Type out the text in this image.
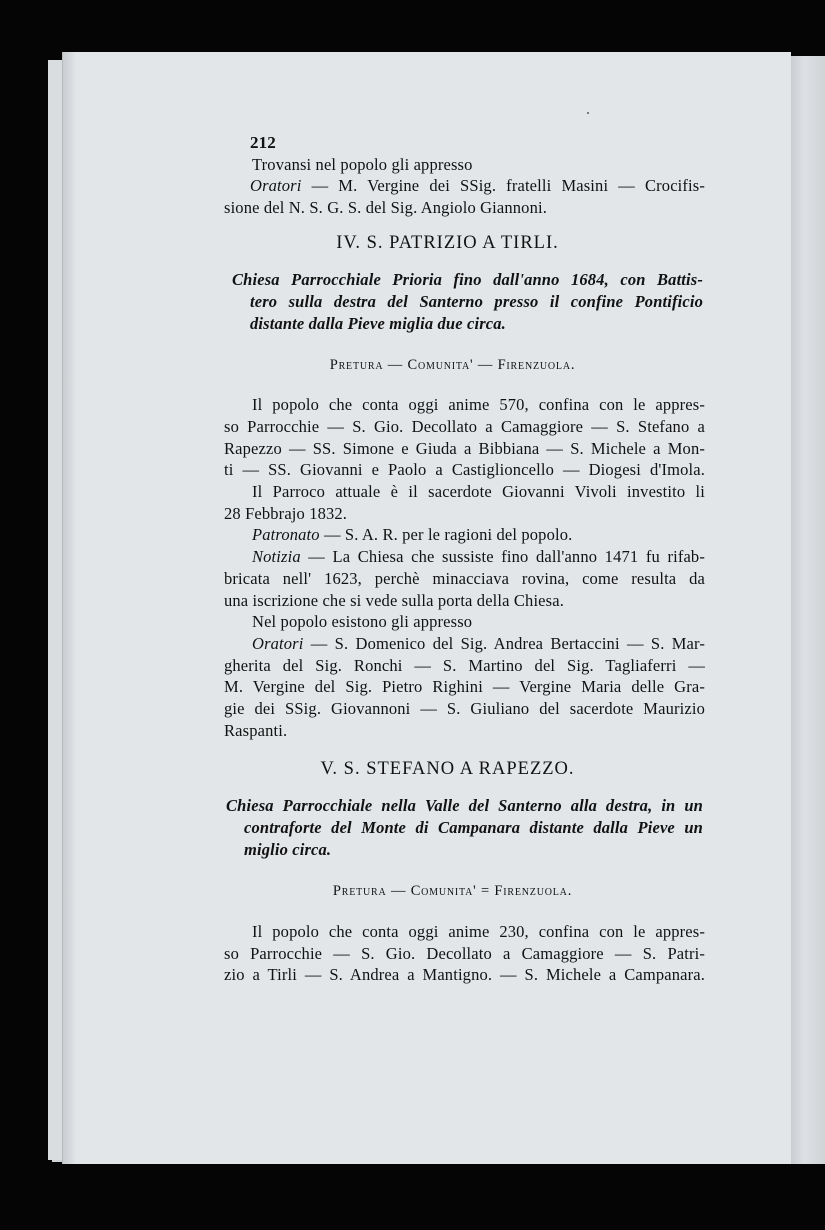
212
Trovansi nel popolo gli appresso
Oratori — M. Vergine dei SSig. fratelli Masini — Crocifis-
sione del N. S. G. S. del Sig. Angiolo Giannoni.
IV. S. PATRIZIO A TIRLI.
Chiesa Parrocchiale Prioria fino dall'anno 1684, con Battis-
tero sulla destra del Santerno presso il confine Pontificio
distante dalla Pieve miglia due circa.
Pretura — Comunita' — Firenzuola.
Il popolo che conta oggi anime 570, confina con le appres-
so Parrocchie — S. Gio. Decollato a Camaggiore — S. Stefano a
Rapezzo — SS. Simone e Giuda a Bibbiana — S. Michele a Mon-
ti — SS. Giovanni e Paolo a Castiglioncello — Diogesi d'Imola.
Il Parroco attuale è il sacerdote Giovanni Vivoli investito li
28 Febbrajo 1832.
Patronato — S. A. R. per le ragioni del popolo.
Notizia — La Chiesa che sussiste fino dall'anno 1471 fu rifab-
bricata nell' 1623, perchè minacciava rovina, come resulta da
una iscrizione che si vede sulla porta della Chiesa.
Nel popolo esistono gli appresso
Oratori — S. Domenico del Sig. Andrea Bertaccini — S. Mar-
gherita del Sig. Ronchi — S. Martino del Sig. Tagliaferri —
M. Vergine del Sig. Pietro Righini — Vergine Maria delle Gra-
gie dei SSig. Giovannoni — S. Giuliano del sacerdote Maurizio
Raspanti.
V. S. STEFANO A RAPEZZO.
Chiesa Parrocchiale nella Valle del Santerno alla destra, in un
contraforte del Monte di Campanara distante dalla Pieve un
miglio circa.
Pretura — Comunita' = Firenzuola.
Il popolo che conta oggi anime 230, confina con le appres-
so Parrocchie — S. Gio. Decollato a Camaggiore — S. Patri-
zio a Tirli — S. Andrea a Mantigno. — S. Michele a Campanara.
